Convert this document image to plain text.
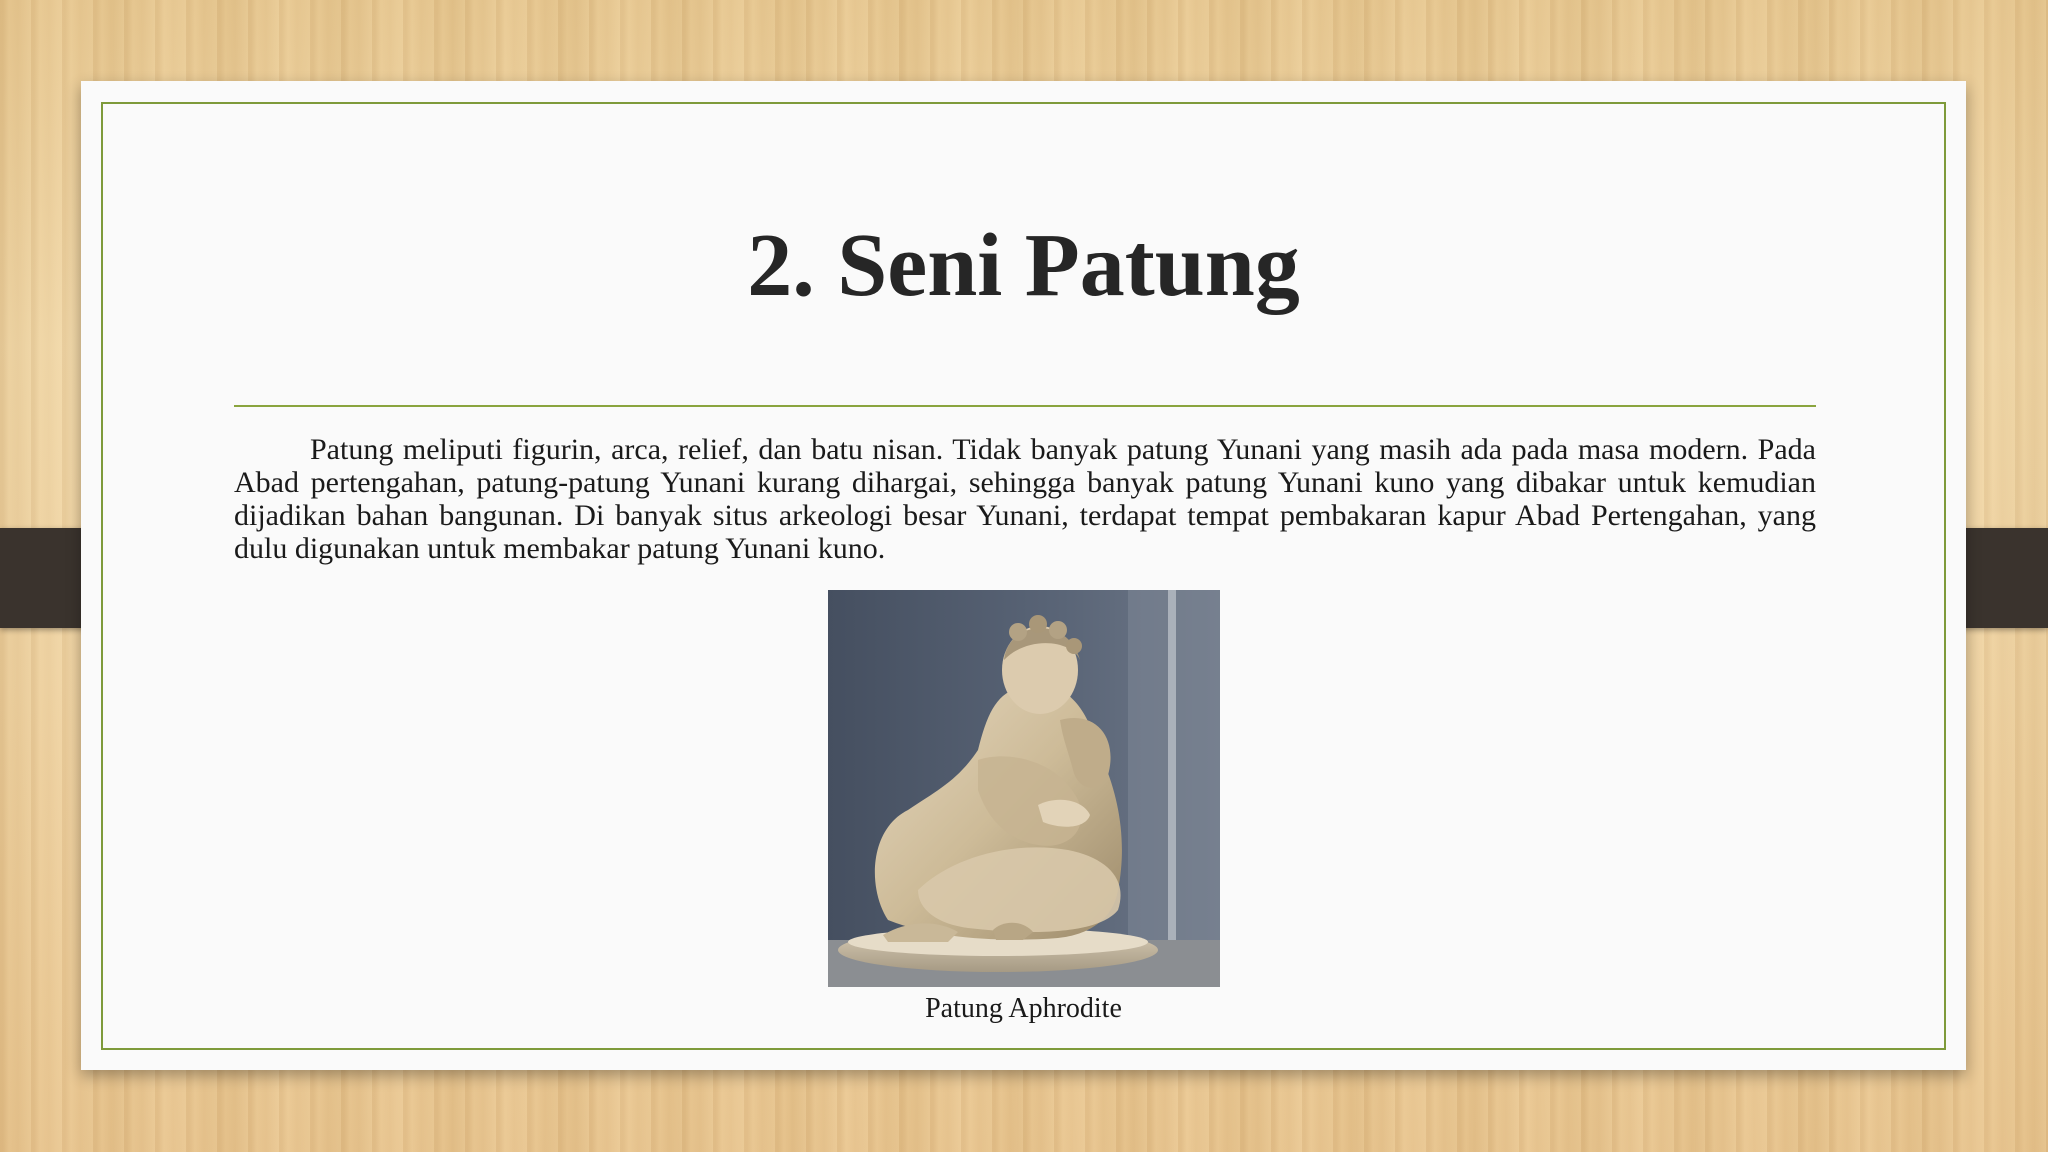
2. Seni Patung

Patung meliputi figurin, arca, relief, dan batu nisan. Tidak banyak patung Yunani yang masih ada pada masa modern. Pada Abad pertengahan, patung-patung Yunani kurang dihargai, sehingga banyak patung Yunani kuno yang dibakar untuk kemudian dijadikan bahan bangunan. Di banyak situs arkeologi besar Yunani, terdapat tempat pembakaran kapur Abad Pertengahan, yang dulu digunakan untuk membakar patung Yunani kuno.

Patung Aphrodite
